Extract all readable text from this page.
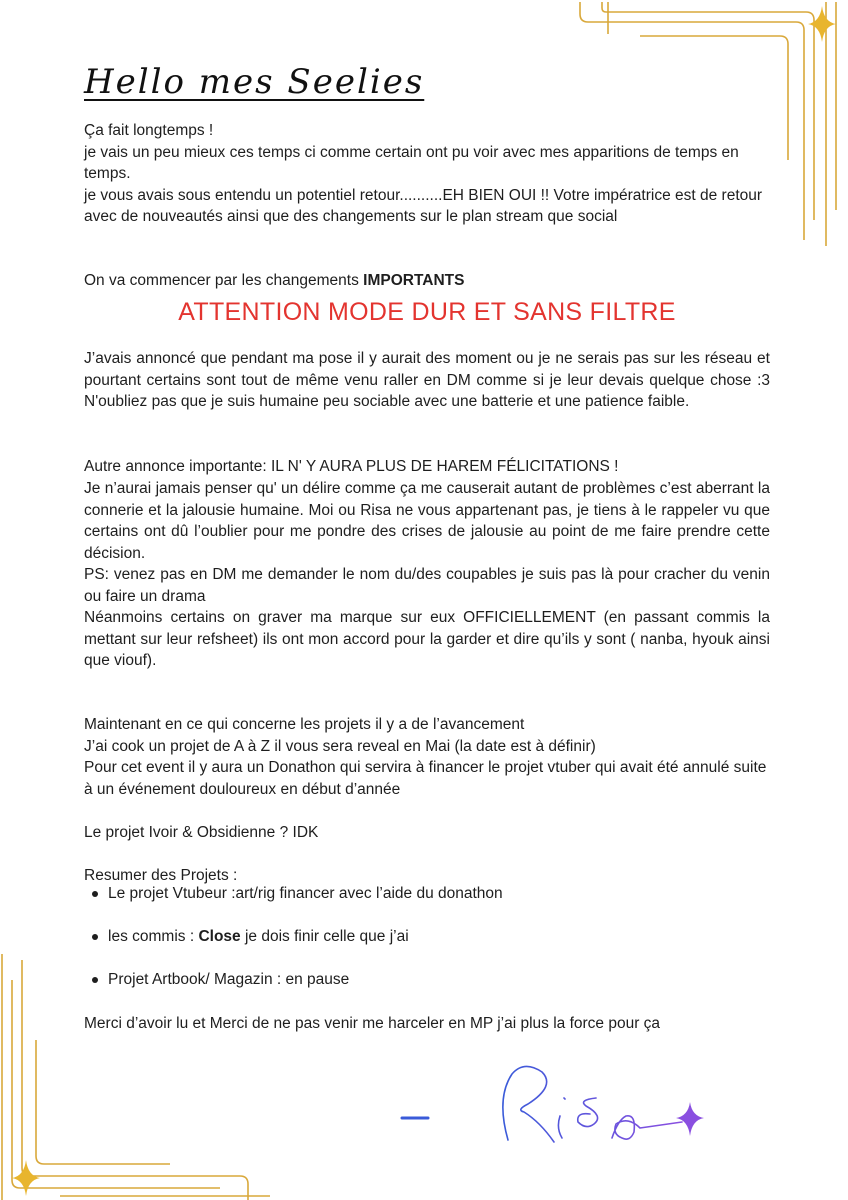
Hello mes Seelies

Ça fait longtemps !
je vais un peu mieux ces temps ci comme certain ont pu voir avec mes apparitions de temps en temps.
je vous avais sous entendu un potentiel retour..........EH BIEN OUI !! Votre impératrice est de retour avec de nouveautés ainsi que des changements sur le plan stream que social

On va commencer par les changements IMPORTANTS

ATTENTION MODE DUR ET SANS FILTRE

J’avais annoncé que pendant ma pose il y aurait des moment ou je ne serais pas sur les réseau et pourtant certains sont tout de même venu raller en DM comme si je leur devais quelque chose :3 N'oubliez pas que je suis humaine peu sociable avec une batterie et une patience faible.

Autre annonce importante: IL N' Y AURA PLUS DE HAREM FÉLICITATIONS !

Je n’aurai jamais penser qu' un délire comme ça me causerait autant de problèmes c’est aberrant la connerie et la jalousie humaine. Moi ou Risa ne vous appartenant pas, je tiens à le rappeler vu que certains ont dû l’oublier pour me pondre des crises de jalousie au point de me faire prendre cette décision.

PS: venez pas en DM me demander le nom du/des coupables je suis pas là pour cracher du venin ou faire un drama

Néanmoins certains on graver ma marque sur eux OFFICIELLEMENT (en passant commis la mettant sur leur refsheet) ils ont mon accord pour la garder et dire qu’ils y sont ( nanba, hyouk ainsi que viouf).

Maintenant en ce qui concerne les projets il y a de l’avancement
J’ai cook un projet de A à Z il vous sera reveal en Mai (la date est à définir)
Pour cet event il y aura un Donathon qui servira à financer le projet vtuber qui avait été annulé suite à un événement douloureux en début d’année

Le projet Ivoir & Obsidienne ? IDK

Resumer des Projets :

Le projet Vtubeur :art/rig financer avec l’aide du donathon
les commis : Close je dois finir celle que j’ai
Projet Artbook/ Magazin : en pause

Merci d’avoir lu et Merci de ne pas venir me harceler en MP j’ai plus la force pour ça
